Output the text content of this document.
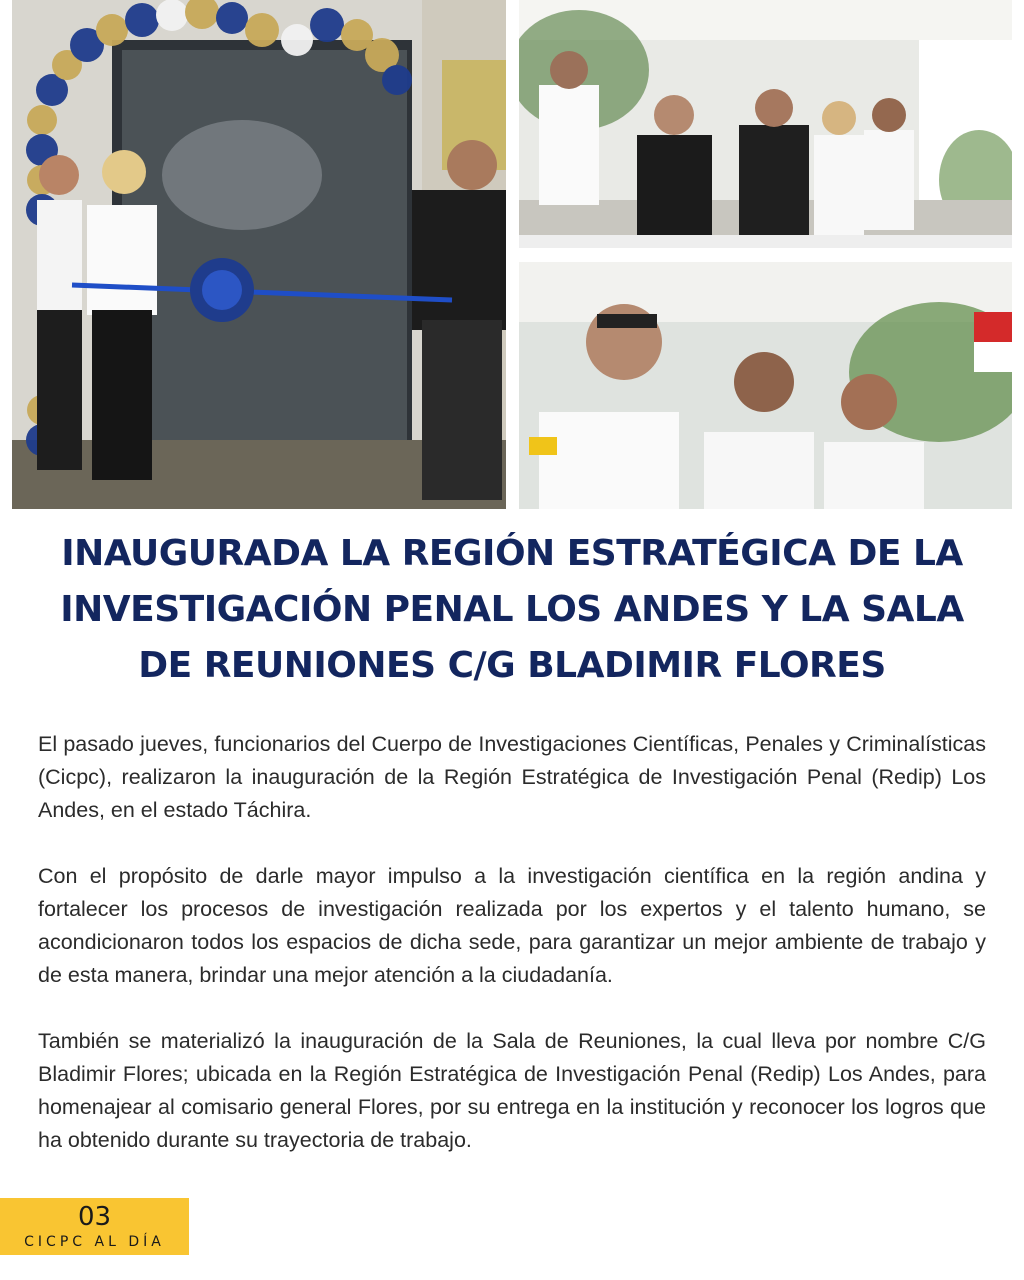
INAUGURADA LA REGIÓN ESTRATÉGICA DE LA INVESTIGACIÓN PENAL LOS ANDES Y LA SALA DE REUNIONES C/G BLADIMIR FLORES

El pasado jueves, funcionarios del Cuerpo de Investigaciones Científicas, Penales y Criminalísticas (Cicpc), realizaron la inauguración de la Región Estratégica de Investigación Penal (Redip) Los Andes, en el estado Táchira.

Con el propósito de darle mayor impulso a la investigación científica en la región andina y fortalecer los procesos de investigación realizada por los expertos y el talento humano, se acondicionaron todos los espacios de dicha sede, para garantizar un mejor ambiente de trabajo y de esta manera, brindar una mejor atención a la ciudadanía.

También se materializó la inauguración de la Sala de Reuniones, la cual lleva por nombre C/G Bladimir Flores; ubicada en la Región Estratégica de Investigación Penal (Redip) Los Andes, para homenajear al comisario general Flores, por su entrega en la institución y reconocer los logros que ha obtenido durante su trayectoria de trabajo.

03
CICPC AL DÍA
